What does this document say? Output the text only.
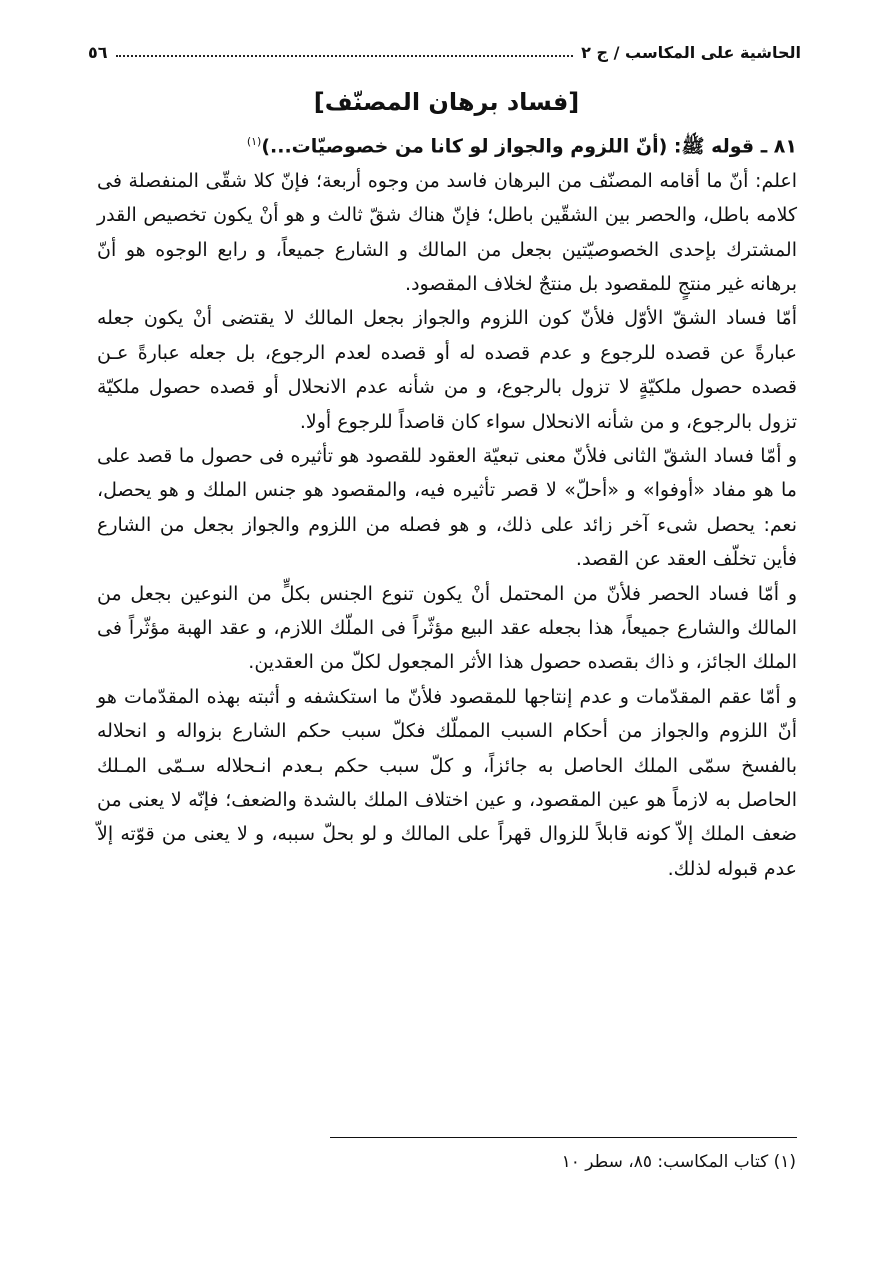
الحاشية على المكاسب / ج ٢
٥٦
[فساد برهان المصنّف]

٨١ ـ قوله ﷺ: (أنّ اللزوم والجواز لو كانا من خصوصيّات...)$^{(١)}$

اعلم: أنّ ما أقامه المصنّف من البرهان فاسد من وجوه أربعة؛ فإنّ كلا شقّى المنفصلة فى كلامه باطل، والحصر بين الشقّين باطل؛ فإنّ هناك شقّ ثالث و هو أنْ يكون تخصيص القدر المشترك بإحدى الخصوصيّتين بجعل من المالك و الشارع جميعاً، و رابع الوجوه هو أنّ برهانه غير منتجٍ للمقصود بل منتجٌ لخلاف المقصود.

أمّا فساد الشقّ الأوّل فلأنّ كون اللزوم والجواز بجعل المالك لا يقتضى أنْ يكون جعله عبارةً عن قصده للرجوع و عدم قصده له أو قصده لعدم الرجوع، بل جعله عبارةً عـن قصده حصول ملكيّةٍ لا تزول بالرجوع، و من شأنه عدم الانحلال أو قصده حصول ملكيّة تزول بالرجوع، و من شأنه الانحلال سواء كان قاصداً للرجوع أولا.

و أمّا فساد الشقّ الثانى فلأنّ معنى تبعيّة العقود للقصود هو تأثيره فى حصول ما قصد على ما هو مفاد «أوفوا» و «أحلّ» لا قصر تأثيره فيه، والمقصود هو جنس الملك و هو يحصل، نعم: يحصل شىء آخر زائد على ذلك، و هو فصله من اللزوم والجواز بجعل من الشارع فأين تخلّف العقد عن القصد.

و أمّا فساد الحصر فلأنّ من المحتمل أنْ يكون تنوع الجنس بكلٍّ من النوعين بجعل من المالك والشارع جميعاً، هذا بجعله عقد البيع مؤثّراً فى الملّك اللازم، و عقد الهبة مؤثّراً فى الملك الجائز، و ذاك بقصده حصول هذا الأثر المجعول لكلّ من العقدين.

و أمّا عقم المقدّمات و عدم إنتاجها للمقصود فلأنّ ما استكشفه و أثبته بهذه المقدّمات هو أنّ اللزوم والجواز من أحكام السبب المملّك فكلّ سبب حكم الشارع بزواله و انحلاله بالفسخ سمّى الملك الحاصل به جائزاً، و كلّ سبب حكم بـعدم انـحلاله سـمّى المـلك الحاصل به لازماً هو عين المقصود، و عين اختلاف الملك بالشدة والضعف؛ فإنّه لا يعنى من ضعف الملك إلاّ كونه قابلاً للزوال قهراً على المالك و لو بحلّ سببه، و لا يعنى من قوّته إلاّ عدم قبوله لذلك.

(١) كتاب المكاسب: ٨٥، سطر ١٠
